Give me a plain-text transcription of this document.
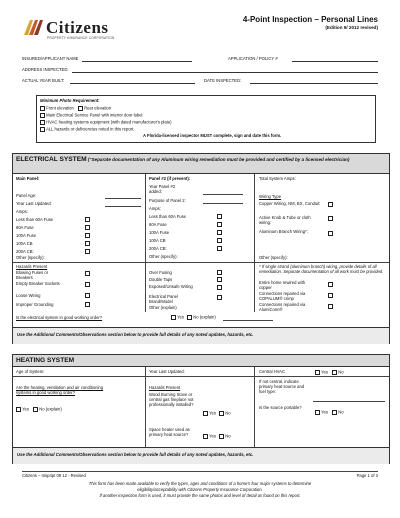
Citizens
PROPERTY INSURANCE CORPORATION
4-Point Inspection – Personal Lines
(Edition 9/ 2012 revised)
INSURED/APPLICANT NAME	APPLICATION / POLICY #
ADDRESS INSPECTED:
ACTUAL YEAR BUILT:	DATE INSPECTED:
Minimum Photo Requirement:
Front elevation Rear elevation
Main Electrical Service Panel with interior door label
HVAC heating systems equipment (with dated manufacturer's plate)
ALL hazards or deficiencies noted in this report.
A Florida-licensed inspector MUST complete, sign and date this form.
ELECTRICAL SYSTEM ("Separate documentation of any Aluminum wiring remediation must be provided and certified by a licensed electrician)
Main Panel:
Panel Age:
Year Last Updated:
Amps:
Less than 60A Fuse
60A Fuse
100A Fuse
100A CB
200A CB:
Other (specify):
Panel #2 (if present):
Year Panel #2 added:
Purpose of Panel 2:
Amps:
Less than 60A Fuse
60A Fuse
100A Fuse
100A CB
200A CB:
Other (specify):
Total System Amps:
Wiring Type
Copper Wiring, NM, BX, Conduit:
Active Knob & Tube or cloth wiring:
Aluminum Branch Wiring*:
Other (specify):
Hazards Present
Blowing Fuses or Breakers
Empty Breaker Sockets
Loose Wiring
Improper Grounding
Over Fusing
Double Taps
Exposed/Unsafe Wiring
Electrical Panel Brand/Model
Other (explain)
* If single strand (aluminum branch) wiring, provide details of all remediation. Separate documentation of all work must be provided.
Entire home rewired with copper
Connections repaired via COPALUM® crimp
Connections repaired via AlumiConn®
Is the electrical system in good working order?	Yes No (explain)
Use the Additional Comments/Observations section below to provide full details of any noted updates, hazards, etc.
HEATING SYSTEM
Age of System:	Year Last Updated:	Central HVAC	Yes No
Are the heating, ventilation and air conditioning systems in good working order?
Yes No (explain)
Hazards Present
Wood Burning Stove or central gas fireplace not professionally installed?
Yes No
Space heater used as primary heat source?	Yes No
If not central, indicate primary heat source and fuel type:
Is the source portable?
Yes No
Use the Additional Comments/Observations section below to provide full details of any noted updates, hazards, etc.
Citizens – Insp4pt 09 12 - Revised	Page 1 of 3
This form has been made available to verify the types, ages and conditions of a home's four major systems to determine
eligibility/acceptability with Citizens Property Insurance Corporation.
If another inspection form is used, it must provide the same photos and level of detail as found on this report.
